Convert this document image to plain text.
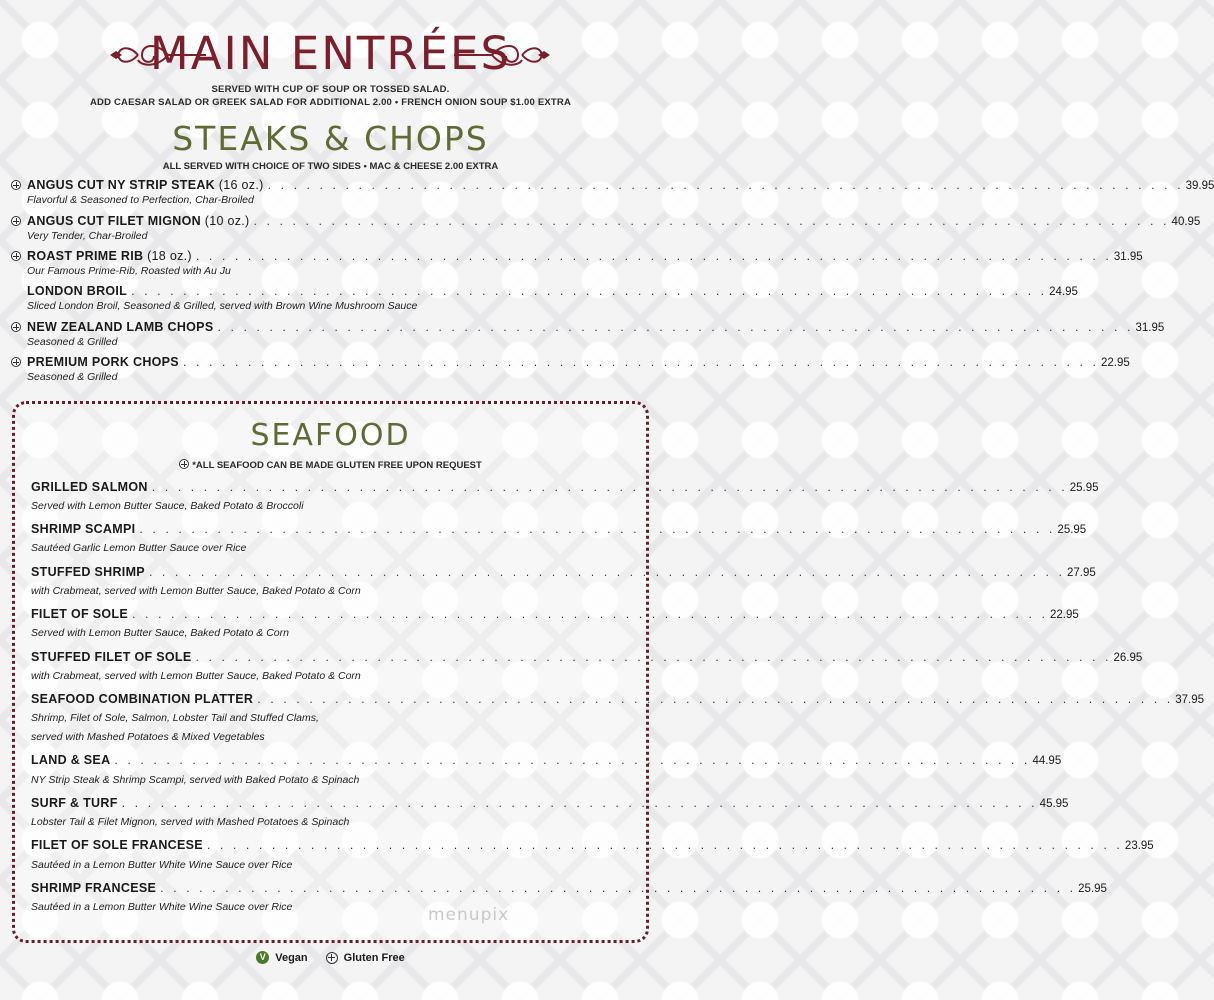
MAIN ENTRÉES
SERVED WITH CUP OF SOUP OR TOSSED SALAD.
ADD CAESAR SALAD OR GREEK SALAD FOR ADDITIONAL 2.00 • FRENCH ONION SOUP $1.00 EXTRA
STEAKS & CHOPS
ALL SERVED WITH CHOICE OF TWO SIDES • MAC & CHEESE 2.00 EXTRA
ANGUS CUT NY STRIP STEAK (16 oz.) . . . . . . . . . . . . . . . . . . . . . . . . . . . . . . . . . . . . . . . . . . . . . . . . . . . . . . . . . . . . . . . . . . . . . . . 39.95
Flavorful & Seasoned to Perfection, Char-Broiled
ANGUS CUT FILET MIGNON (10 oz.) . . . . . . . . . . . . . . . . . . . . . . . . . . . . . . . . . . . . . . . . . . . . . . . . . . . . . . . . . . . . . . . . . . . . . . . 40.95
Very Tender, Char-Broiled
ROAST PRIME RIB (18 oz.) . . . . . . . . . . . . . . . . . . . . . . . . . . . . . . . . . . . . . . . . . . . . . . . . . . . . . . . . . . . . . . . . . . . . . . . 31.95
Our Famous Prime-Rib, Roasted with Au Ju
LONDON BROIL . . . . . . . . . . . . . . . . . . . . . . . . . . . . . . . . . . . . . . . . . . . . . . . . . . . . . . . . . . . . . . . . . . . . . . . 24.95
Sliced London Broil, Seasoned & Grilled, served with Brown Wine Mushroom Sauce
NEW ZEALAND LAMB CHOPS . . . . . . . . . . . . . . . . . . . . . . . . . . . . . . . . . . . . . . . . . . . . . . . . . . . . . . . . . . . . . . . . . . . . . . . 31.95
Seasoned & Grilled
PREMIUM PORK CHOPS . . . . . . . . . . . . . . . . . . . . . . . . . . . . . . . . . . . . . . . . . . . . . . . . . . . . . . . . . . . . . . . . . . . . . . . 22.95
Seasoned & Grilled
SEAFOOD
*ALL SEAFOOD CAN BE MADE GLUTEN FREE UPON REQUEST
GRILLED SALMON . . . . . . . . . . . . . . . . . . . . . . . . . . . . . . . . . . . . . . . . . . . . . . . . . . . . . . . . . . . . . . . . . . . . . . . 25.95
Served with Lemon Butter Sauce, Baked Potato & Broccoli
SHRIMP SCAMPI . . . . . . . . . . . . . . . . . . . . . . . . . . . . . . . . . . . . . . . . . . . . . . . . . . . . . . . . . . . . . . . . . . . . . . . 25.95
Sautéed Garlic Lemon Butter Sauce over Rice
STUFFED SHRIMP . . . . . . . . . . . . . . . . . . . . . . . . . . . . . . . . . . . . . . . . . . . . . . . . . . . . . . . . . . . . . . . . . . . . . . . 27.95
with Crabmeat, served with Lemon Butter Sauce, Baked Potato & Corn
FILET OF SOLE . . . . . . . . . . . . . . . . . . . . . . . . . . . . . . . . . . . . . . . . . . . . . . . . . . . . . . . . . . . . . . . . . . . . . . . 22.95
Served with Lemon Butter Sauce, Baked Potato & Corn
STUFFED FILET OF SOLE . . . . . . . . . . . . . . . . . . . . . . . . . . . . . . . . . . . . . . . . . . . . . . . . . . . . . . . . . . . . . . . . . . . . . . . 26.95
with Crabmeat, served with Lemon Butter Sauce, Baked Potato & Corn
SEAFOOD COMBINATION PLATTER . . . . . . . . . . . . . . . . . . . . . . . . . . . . . . . . . . . . . . . . . . . . . . . . . . . . . . . . . . . . . . . . . . . . . . . 37.95
Shrimp, Filet of Sole, Salmon, Lobster Tail and Stuffed Clams,
served with Mashed Potatoes & Mixed Vegetables
LAND & SEA . . . . . . . . . . . . . . . . . . . . . . . . . . . . . . . . . . . . . . . . . . . . . . . . . . . . . . . . . . . . . . . . . . . . . . . 44.95
NY Strip Steak & Shrimp Scampi, served with Baked Potato & Spinach
SURF & TURF . . . . . . . . . . . . . . . . . . . . . . . . . . . . . . . . . . . . . . . . . . . . . . . . . . . . . . . . . . . . . . . . . . . . . . . 45.95
Lobster Tail & Filet Mignon, served with Mashed Potatoes & Spinach
FILET OF SOLE FRANCESE . . . . . . . . . . . . . . . . . . . . . . . . . . . . . . . . . . . . . . . . . . . . . . . . . . . . . . . . . . . . . . . . . . . . . . . 23.95
Sautéed in a Lemon Butter White Wine Sauce over Rice
SHRIMP FRANCESE . . . . . . . . . . . . . . . . . . . . . . . . . . . . . . . . . . . . . . . . . . . . . . . . . . . . . . . . . . . . . . . . . . . . . . . 25.95
Sautéed in a Lemon Butter White Wine Sauce over Rice	menupix
V Vegan	Gluten Free
